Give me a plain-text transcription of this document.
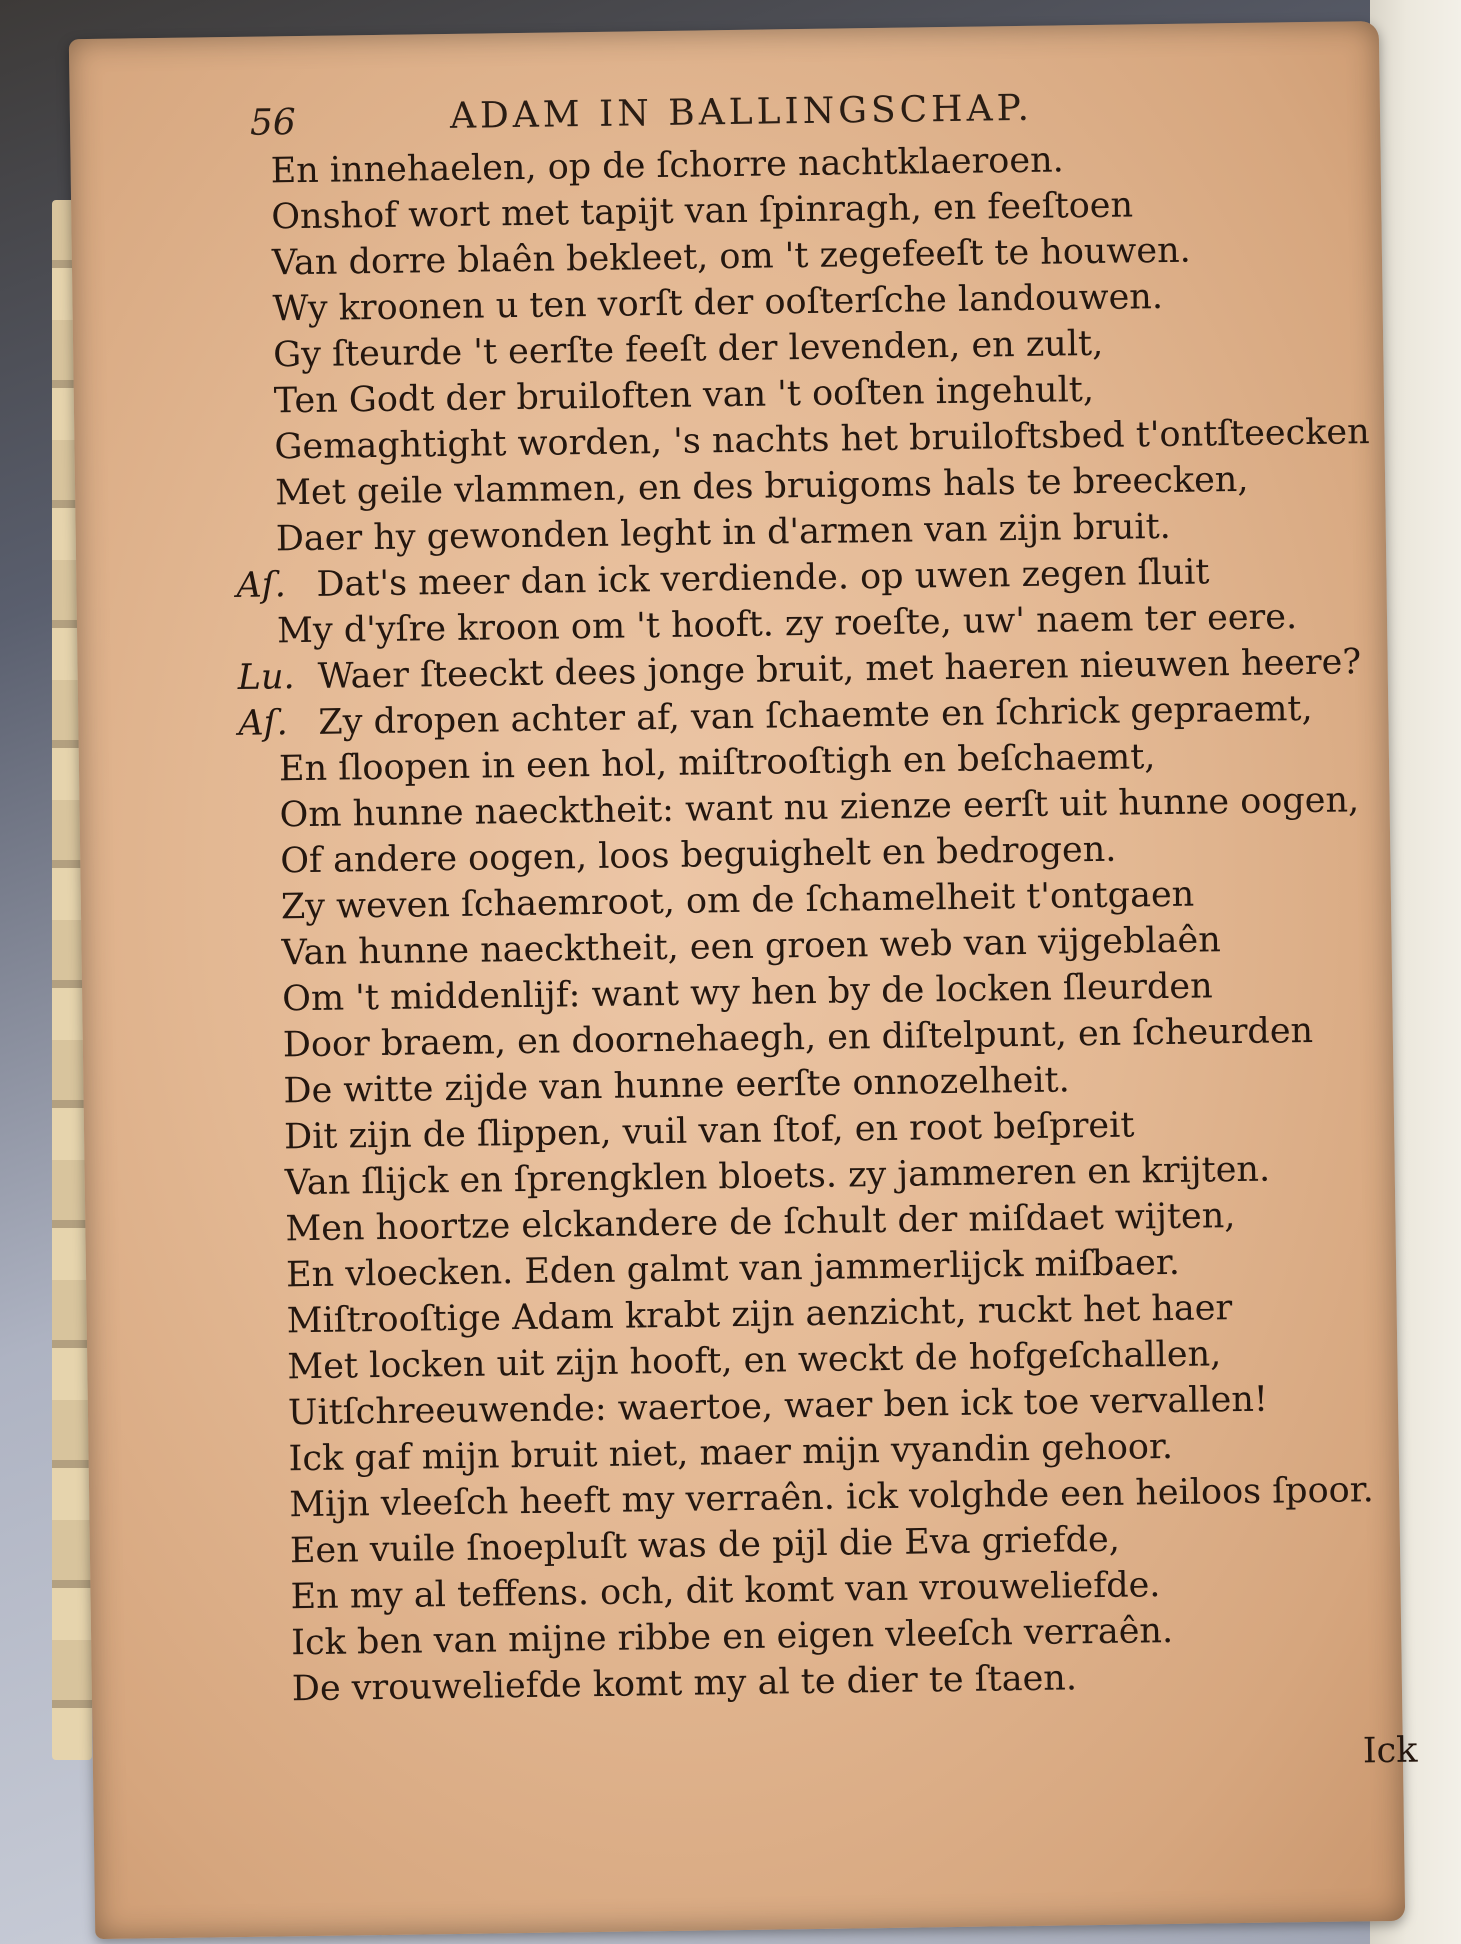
56	ADAM IN BALLINGSCHAP.
En innehaelen, op de ſchorre nachtklaeroen.
Onshof wort met tapijt van ſpinragh, en feeſtoen
Van dorre blaên bekleet, om 't zegefeeſt te houwen.
Wy kroonen u ten vorſt der ooſterſche landouwen.
Gy ſteurde 't eerſte feeſt der levenden, en zult,
Ten Godt der bruiloften van 't ooſten ingehult,
Gemaghtight worden, 's nachts het bruiloftsbed t'ontſteecken
Met geile vlammen, en des bruigoms hals te breecken,
Daer hy gewonden leght in d'armen van zijn bruit.
Aſ. Dat's meer dan ick verdiende. op uwen zegen ſluit
My d'yſre kroon om 't hooft. zy roeſte, uw' naem ter eere.
Lu. Waer ſteeckt dees jonge bruit, met haeren nieuwen heere?
Aſ. Zy dropen achter af, van ſchaemte en ſchrick gepraemt,
En ſloopen in een hol, miſtrooſtigh en beſchaemt,
Om hunne naecktheit: want nu zienze eerſt uit hunne oogen,
Of andere oogen, loos beguighelt en bedrogen.
Zy weven ſchaemroot, om de ſchamelheit t'ontgaen
Van hunne naecktheit, een groen web van vijgeblaên
Om 't middenlijf: want wy hen by de locken ſleurden
Door braem, en doornehaegh, en diſtelpunt, en ſcheurden
De witte zijde van hunne eerſte onnozelheit.
Dit zijn de ſlippen, vuil van ſtof, en root beſpreit
Van ſlijck en ſprengklen bloets. zy jammeren en krijten.
Men hoortze elckandere de ſchult der miſdaet wijten,
En vloecken. Eden galmt van jammerlijck miſbaer.
Miſtrooſtige Adam krabt zijn aenzicht, ruckt het haer
Met locken uit zijn hooft, en weckt de hofgeſchallen,
Uitſchreeuwende: waertoe, waer ben ick toe vervallen!
Ick gaf mijn bruit niet, maer mijn vyandin gehoor.
Mijn vleeſch heeft my verraên. ick volghde een heiloos ſpoor.
Een vuile ſnoepluſt was de pijl die Eva griefde,
En my al teffens. och, dit komt van vrouweliefde.
Ick ben van mijne ribbe en eigen vleeſch verraên.
De vrouweliefde komt my al te dier te ſtaen.
Ick
